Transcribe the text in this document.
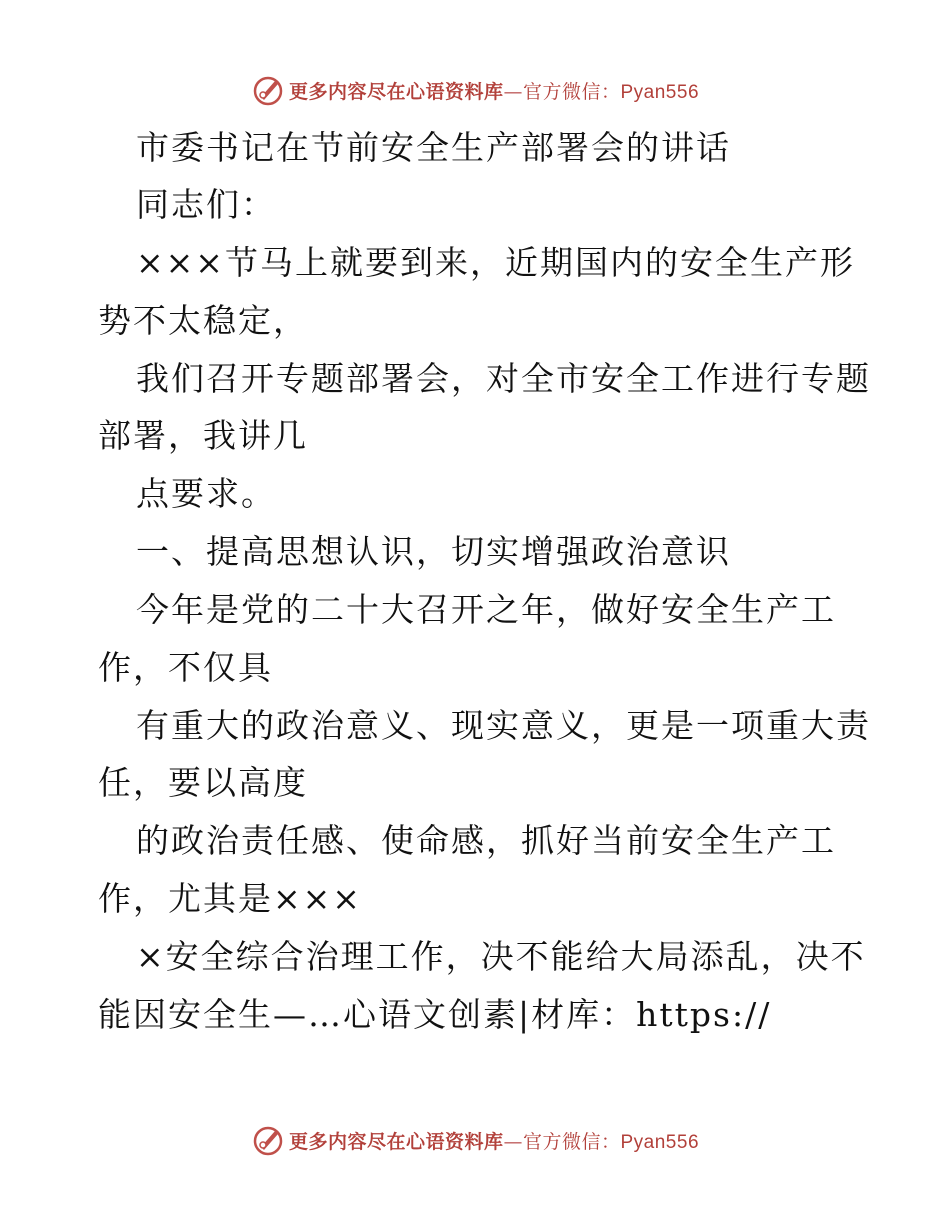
更多内容尽在心语资料库—官方微信：Pyan556
市委书记在节前安全生产部署会的讲话
同志们：
×××节马上就要到来，近期国内的安全生产形
势不太稳定，
我们召开专题部署会，对全市安全工作进行专题
部署，我讲几
点要求。
一、提高思想认识，切实增强政治意识
今年是党的二十大召开之年，做好安全生产工
作，不仅具
有重大的政治意义、现实意义，更是一项重大责
任，要以高度
的政治责任感、使命感，抓好当前安全生产工
作，尤其是×××
×安全综合治理工作，决不能给大局添乱，决不
能因安全生—…心语文创素|材库：https://
更多内容尽在心语资料库—官方微信：Pyan556
